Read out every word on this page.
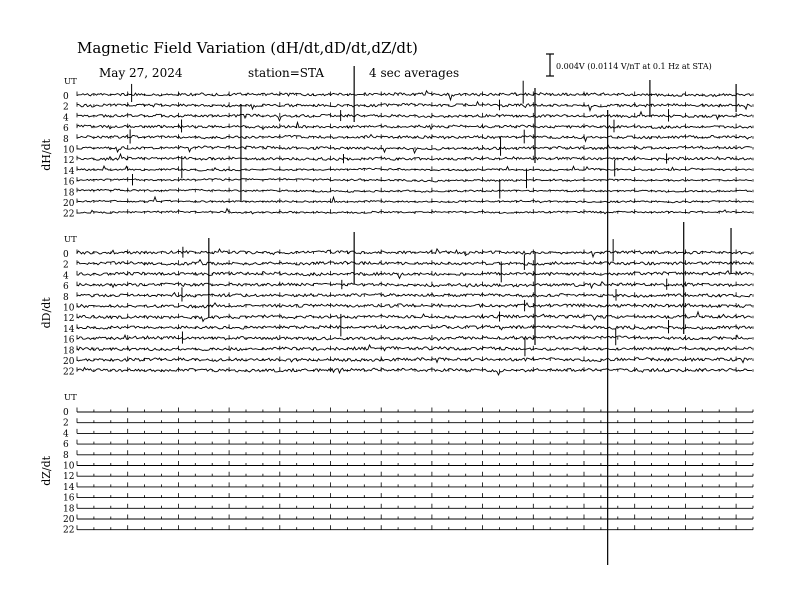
Magnetic Field Variation (dH/dt,dD/dt,dZ/dt)
May 27, 2024	station=STA	4 sec averages	0.004V (0.0114 V/nT at 0.1 Hz at STA)
UT
dH/dt
0
2
4
6
8
10
12
14
16
18
20
22
UT
dD/dt
0
2
4
6
8
10
12
14
16
18
20
22
UT
dZ/dt
0
2
4
6
8
10
12
14
16
18
20
22
